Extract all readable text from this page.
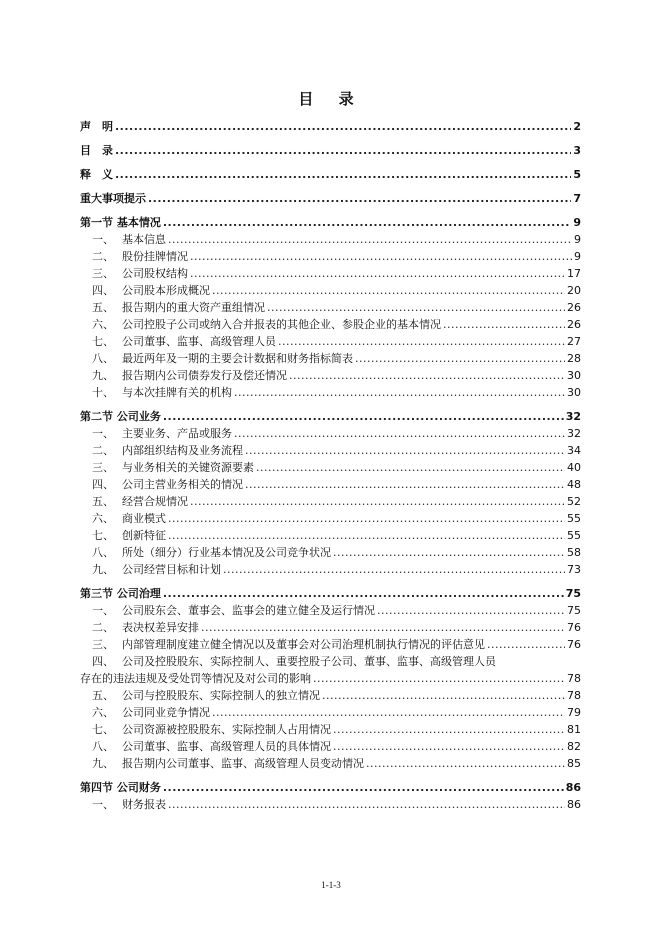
目 录
声　明 .....	2
目　录 .....	3
释　义 .....	5
重大事项提示 .....	7
第一节 基本情况 .....	9
一、 基本信息 .....	9
二、 股份挂牌情况 .....	9
三、 公司股权结构 .....	17
四、 公司股本形成概况 .....	20
五、 报告期内的重大资产重组情况 .....	26
六、 公司控股子公司或纳入合并报表的其他企业、参股企业的基本情况 .....	26
七、 公司董事、监事、高级管理人员 .....	27
八、 最近两年及一期的主要会计数据和财务指标简表 .....	28
九、 报告期内公司债券发行及偿还情况 .....	30
十、 与本次挂牌有关的机构 .....	30
第二节 公司业务 .....	32
一、 主要业务、产品或服务 .....	32
二、 内部组织结构及业务流程 .....	34
三、 与业务相关的关键资源要素 .....	40
四、 公司主营业务相关的情况 .....	48
五、 经营合规情况 .....	52
六、 商业模式 .....	55
七、 创新特征 .....	55
八、 所处（细分）行业基本情况及公司竞争状况 .....	58
九、 公司经营目标和计划 .....	73
第三节 公司治理 .....	75
一、 公司股东会、董事会、监事会的建立健全及运行情况 .....	75
二、 表决权差异安排 .....	76
三、 内部管理制度建立健全情况以及董事会对公司治理机制执行情况的评估意见 .....	76
四、 公司及控股股东、实际控制人、重要控股子公司、董事、监事、高级管理人员
存在的违法违规及受处罚等情况及对公司的影响 .....	78
五、 公司与控股股东、实际控制人的独立情况 .....	78
六、 公司同业竞争情况 .....	79
七、 公司资源被控股股东、实际控制人占用情况 .....	81
八、 公司董事、监事、高级管理人员的具体情况 .....	82
九、 报告期内公司董事、监事、高级管理人员变动情况 .....	85
第四节 公司财务 .....	86
一、 财务报表 .....	86
1-1-3
